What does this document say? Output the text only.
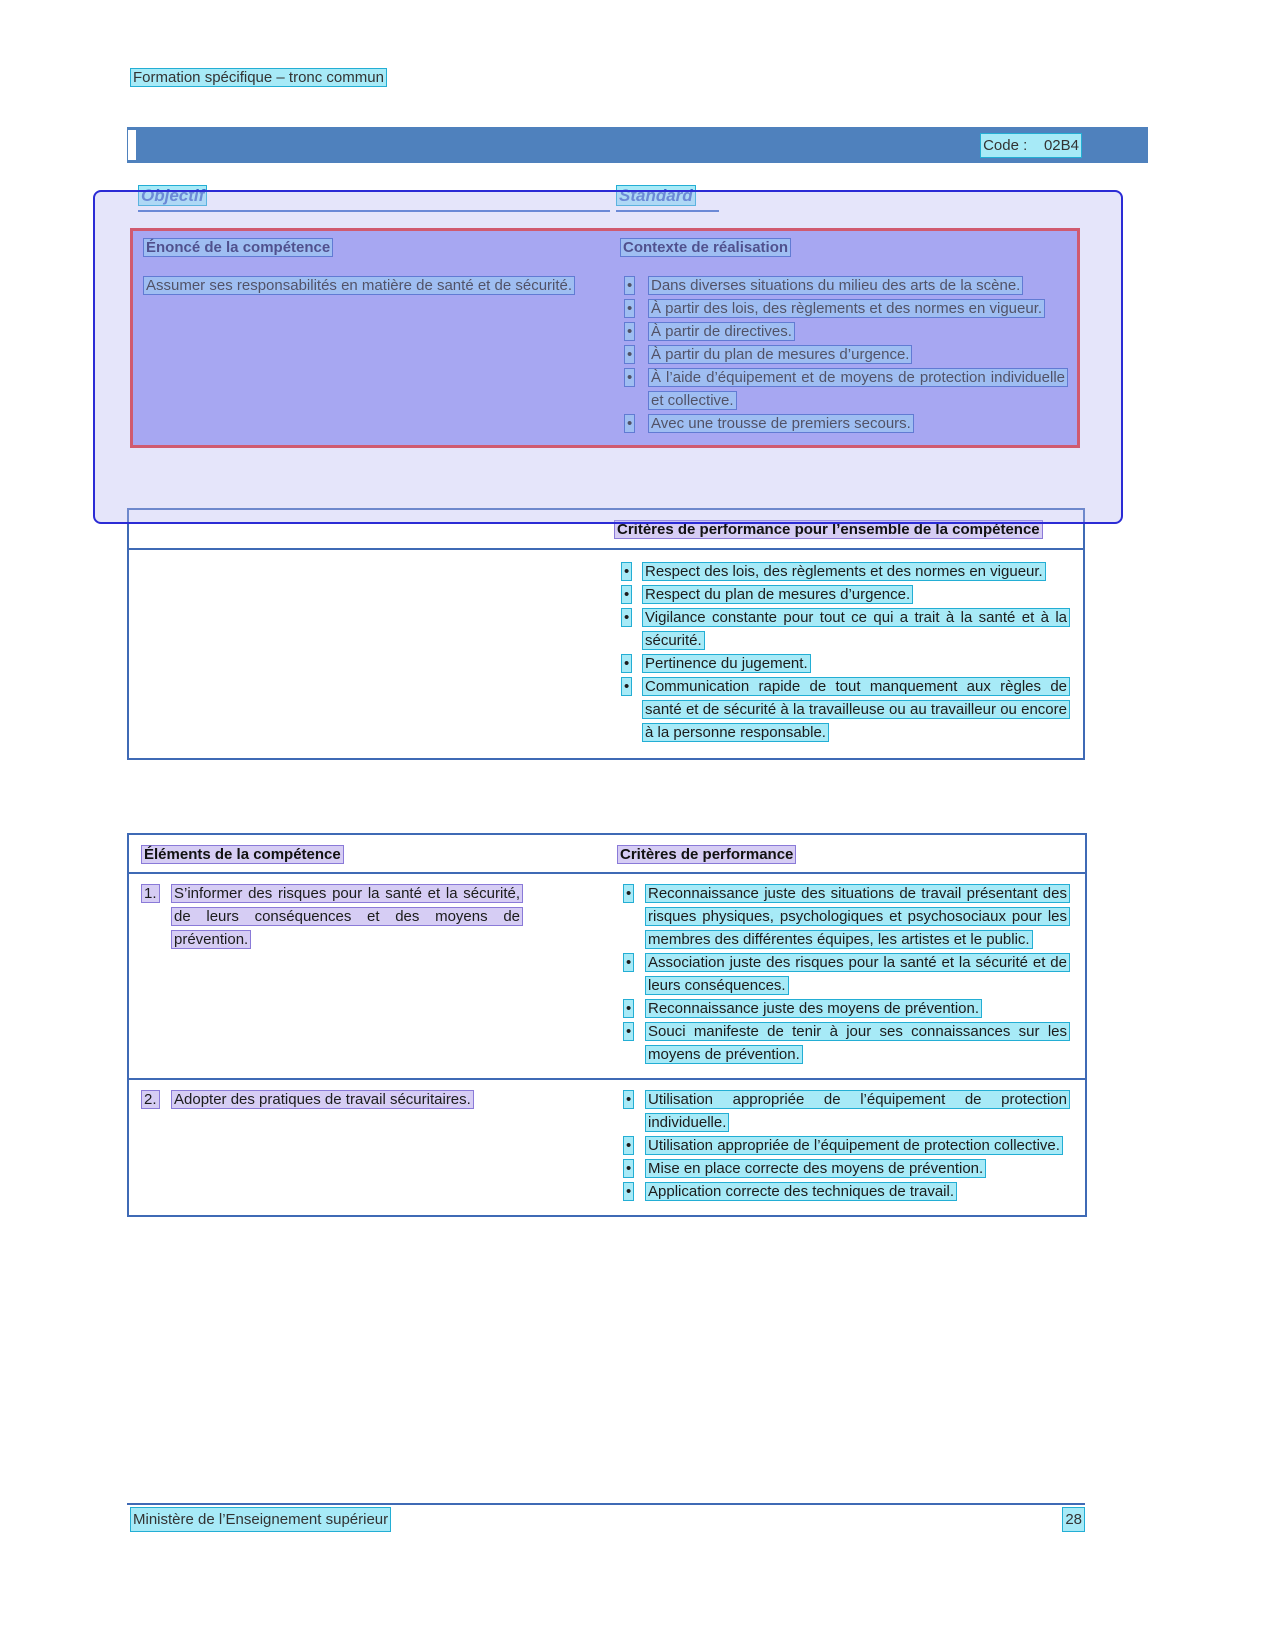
Formation spécifique – tronc commun
Code :    02B4
Objectif	Standard
Énoncé de la compétence	Contexte de réalisation
Assumer ses responsabilités en matière de santé et de sécurité.	•	Dans diverses situations du milieu des arts de la scène.
•	À partir des lois, des règlements et des normes en vigueur.
•	À partir de directives.
•	À partir du plan de mesures d’urgence.
•	À l’aide d’équipement et de moyens de protection individuelle et collective.
•	Avec une trousse de premiers secours.
Critères de performance pour l’ensemble de la compétence
•	Respect des lois, des règlements et des normes en vigueur.
•	Respect du plan de mesures d’urgence.
•	Vigilance constante pour tout ce qui a trait à la santé et à la sécurité.
•	Pertinence du jugement.
•	Communication rapide de tout manquement aux règles de santé et de sécurité à la travailleuse ou au travailleur ou encore à la personne responsable.
Éléments de la compétence	Critères de performance
1.	S’informer des risques pour la santé et la sécurité, de leurs conséquences et des moyens de prévention.
•	Reconnaissance juste des situations de travail présentant des risques physiques, psychologiques et psychosociaux pour les membres des différentes équipes, les artistes et le public.
•	Association juste des risques pour la santé et la sécurité et de leurs conséquences.
•	Reconnaissance juste des moyens de prévention.
•	Souci manifeste de tenir à jour ses connaissances sur les moyens de prévention.
2.	Adopter des pratiques de travail sécuritaires.	•	Utilisation appropriée de l’équipement de protection individuelle.
•	Utilisation appropriée de l’équipement de protection collective.
•	Mise en place correcte des moyens de prévention.
•	Application correcte des techniques de travail.
Ministère de l’Enseignement supérieur	28
